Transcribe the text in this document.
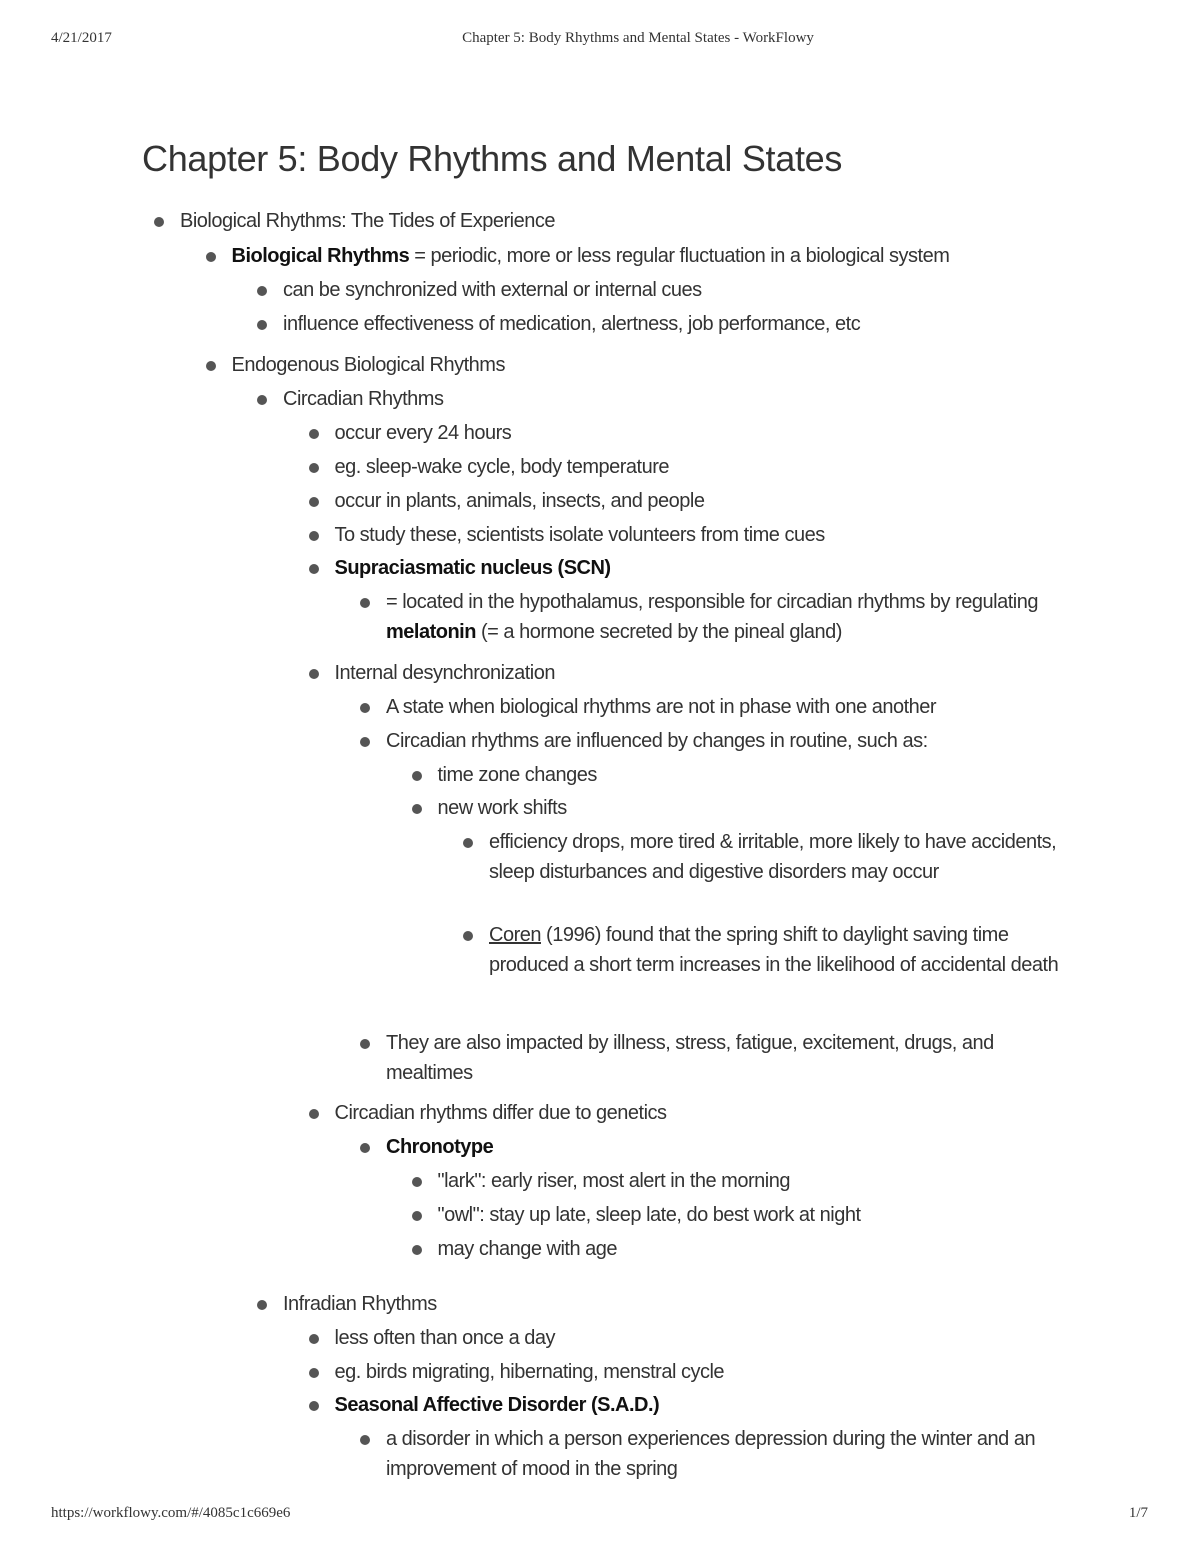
4/21/2017	Chapter 5: Body Rhythms and Mental States - WorkFlowy
Chapter 5: Body Rhythms and Mental States
Biological Rhythms: The Tides of Experience
Biological Rhythms = periodic, more or less regular fluctuation in a biological system
can be synchronized with external or internal cues
influence effectiveness of medication, alertness, job performance, etc
Endogenous Biological Rhythms
Circadian Rhythms
occur every 24 hours
eg. sleep-wake cycle, body temperature
occur in plants, animals, insects, and people
To study these, scientists isolate volunteers from time cues
Supraciasmatic nucleus (SCN)
= located in the hypothalamus, responsible for circadian rhythms by regulating melatonin (= a hormone secreted by the pineal gland)
Internal desynchronization
A state when biological rhythms are not in phase with one another
Circadian rhythms are influenced by changes in routine, such as:
time zone changes
new work shifts
efficiency drops, more tired & irritable, more likely to have accidents, sleep disturbances and digestive disorders may occur
Coren (1996) found that the spring shift to daylight saving time produced a short term increases in the likelihood of accidental death
They are also impacted by illness, stress, fatigue, excitement, drugs, and mealtimes
Circadian rhythms differ due to genetics
Chronotype
"lark": early riser, most alert in the morning
"owl": stay up late, sleep late, do best work at night
may change with age
Infradian Rhythms
less often than once a day
eg. birds migrating, hibernating, menstral cycle
Seasonal Affective Disorder (S.A.D.)
a disorder in which a person experiences depression during the winter and an improvement of mood in the spring
https://workflowy.com/#/4085c1c669e6	1/7
